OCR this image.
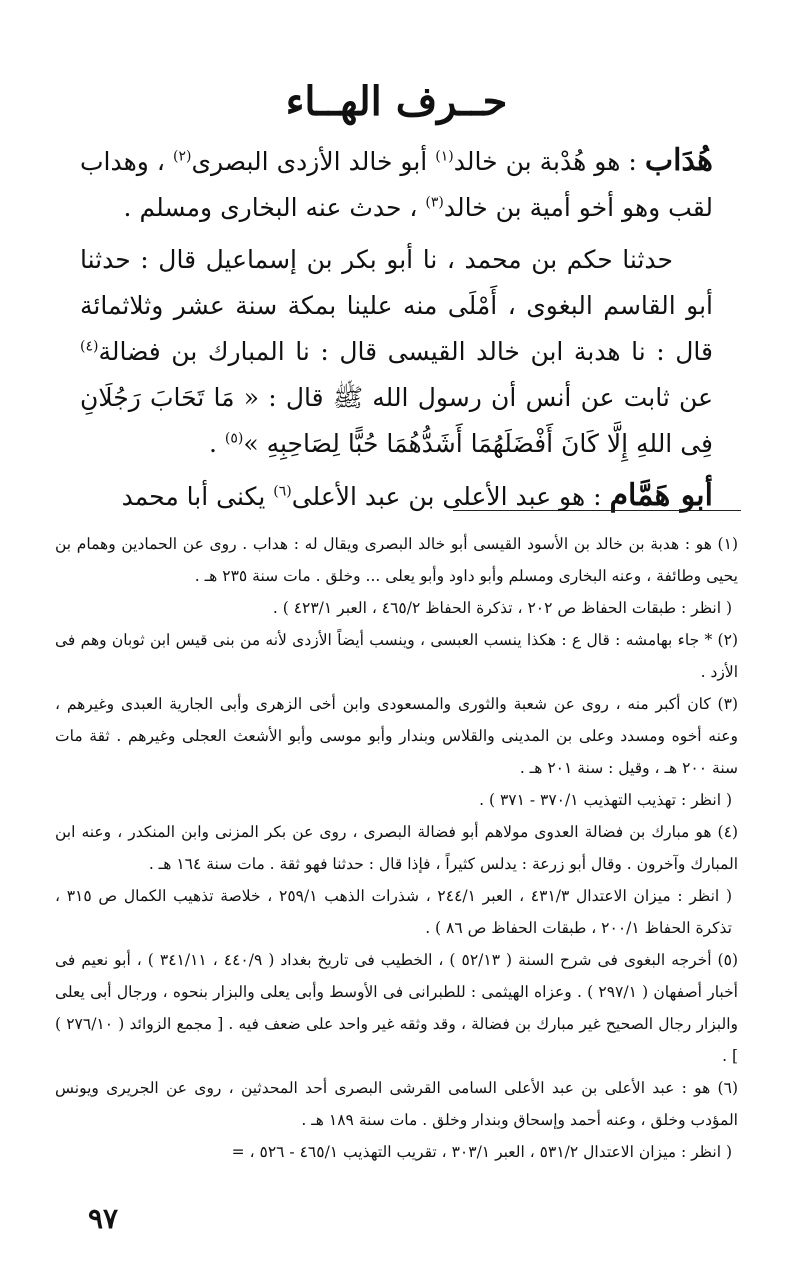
حــرف الهــاء

هُدَاب : هو هُدْبة بن خالد$^{(١)}$ أبو خالد الأزدى البصرى$^{(٢)}$ ، وهداب لقب وهو أخو أمية بن خالد$^{(٣)}$ ، حدث عنه البخارى ومسلم .

حدثنا حكم بن محمد ، نا أبو بكر بن إسماعيل قال : حدثنا أبو القاسم البغوى ، أَمْلَى منه علينا بمكة سنة عشر وثلاثمائة قال : نا هدبة ابن خالد القيسى قال : نا المبارك بن فضالة$^{(٤)}$ عن ثابت عن أنس أن رسول الله ﷺ قال : « مَا تَحَابَ رَجُلَانِ فِى اللهِ إِلَّا كَانَ أَفْضَلَهُمَا أَشَدُّهُمَا حُبًّا لِصَاحِبِهِ »$^{(٥)}$ .

أبو هَمَّام : هو عبد الأعلى بن عبد الأعلى$^{(٦)}$ يكنى أبا محمد

(١) هو : هدبة بن خالد بن الأسود القيسى أبو خالد البصرى ويقال له : هداب . روى عن الحمادين وهمام بن يحيى وطائفة ، وعنه البخارى ومسلم وأبو داود وأبو يعلى ... وخلق . مات سنة ٢٣٥ هـ .

( انظر : طبقات الحفاظ ص ٢٠٢ ، تذكرة الحفاظ ٤٦٥/٢ ، العبر ٤٢٣/١ ) .

(٢) * جاء بهامشه : قال ع : هكذا ينسب العبسى ، وينسب أيضاً الأزدى لأنه من بنى قيس ابن ثوبان وهم فى الأزد .

(٣) كان أكبر منه ، روى عن شعبة والثورى والمسعودى وابن أخى الزهرى وأبى الجارية العبدى وغيرهم ، وعنه أخوه ومسدد وعلى بن المدينى والقلاس وبندار وأبو موسى وأبو الأشعث العجلى وغيرهم . ثقة مات سنة ٢٠٠ هـ ، وقيل : سنة ٢٠١ هـ .

( انظر : تهذيب التهذيب ٣٧٠/١ - ٣٧١ ) .

(٤) هو مبارك بن فضالة العدوى مولاهم أبو فضالة البصرى ، روى عن بكر المزنى وابن المنكدر ، وعنه ابن المبارك وآخرون . وقال أبو زرعة : يدلس كثيراً ، فإذا قال : حدثنا فهو ثقة . مات سنة ١٦٤ هـ .

( انظر : ميزان الاعتدال ٤٣١/٣ ، العبر ٢٤٤/١ ، شذرات الذهب ٢٥٩/١ ، خلاصة تذهيب الكمال ص ٣١٥ ، تذكرة الحفاظ ٢٠٠/١ ، طبقات الحفاظ ص ٨٦ ) .

(٥) أخرجه البغوى فى شرح السنة ( ٥٢/١٣ ) ، الخطيب فى تاريخ بغداد ( ٤٤٠/٩ ، ٣٤١/١١ ) ، أبو نعيم فى أخبار أصفهان ( ٢٩٧/١ ) . وعزاه الهيثمى : للطبرانى فى الأوسط وأبى يعلى والبزار بنحوه ، ورجال أبى يعلى والبزار رجال الصحيح غير مبارك بن فضالة ، وقد وثقه غير واحد على ضعف فيه . [ مجمع الزوائد ( ٢٧٦/١٠ ) ] .

(٦) هو : عبد الأعلى بن عبد الأعلى السامى القرشى البصرى أحد المحدثين ، روى عن الجريرى ويونس المؤدب وخلق ، وعنه أحمد وإسحاق وبندار وخلق . مات سنة ١٨٩ هـ .

( انظر : ميزان الاعتدال ٥٣١/٢ ، العبر ٣٠٣/١ ، تقريب التهذيب ٤٦٥/١ - ٥٢٦ ، =

٩٧
